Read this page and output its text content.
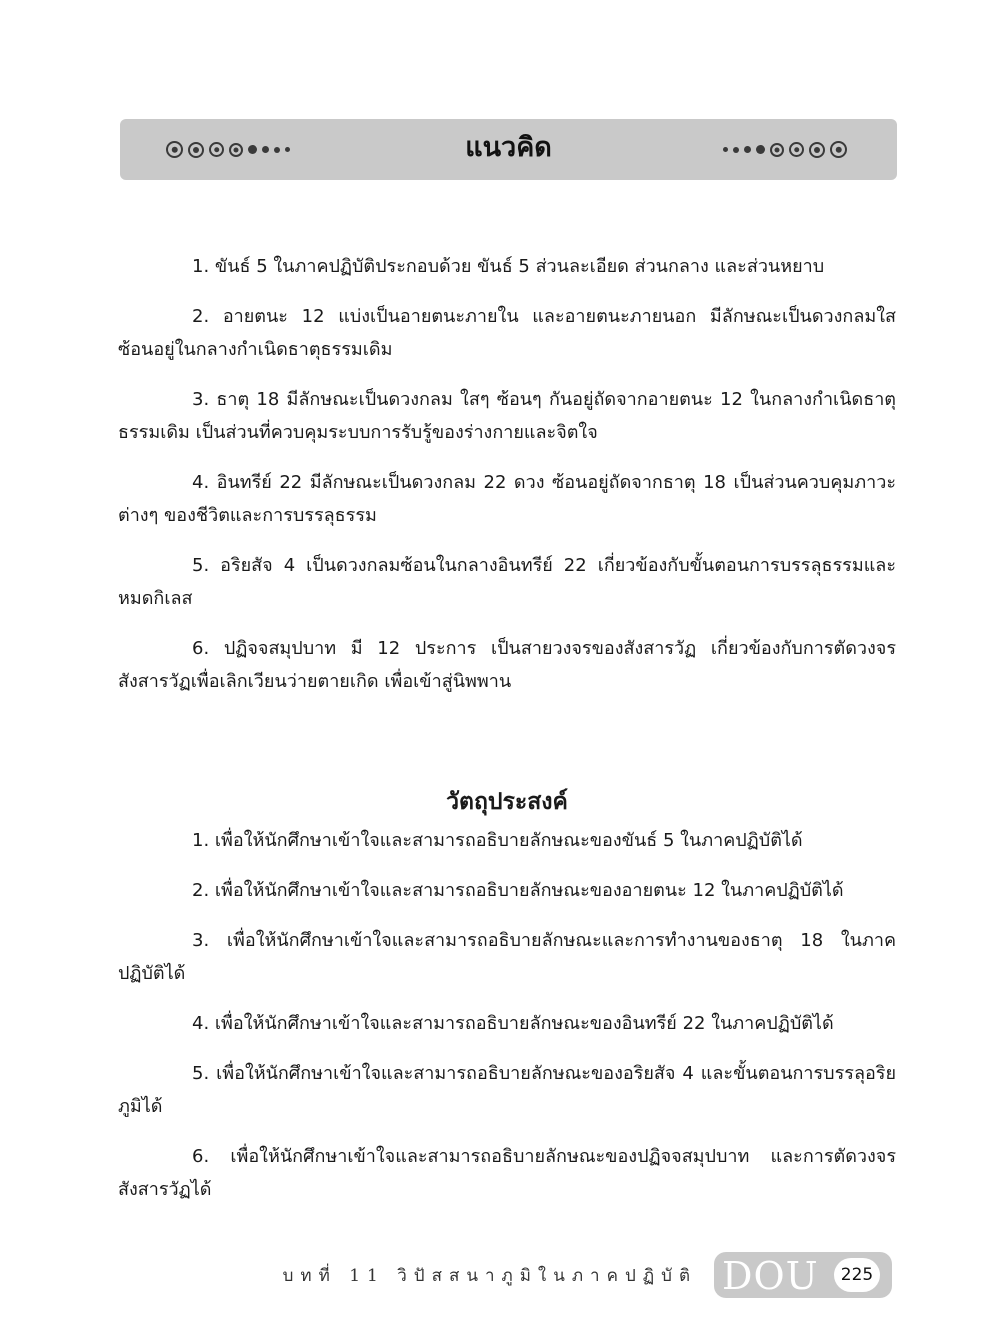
แนวคิด

1. ขันธ์ 5 ในภาคปฏิบัติประกอบด้วย ขันธ์ 5 ส่วนละเอียด ส่วนกลาง และส่วนหยาบ

2. อายตนะ 12 แบ่งเป็นอายตนะภายใน และอายตนะภายนอก มีลักษณะเป็นดวงกลมใส ซ้อนอยู่ในกลางกำเนิดธาตุธรรมเดิม

3. ธาตุ 18 มีลักษณะเป็นดวงกลม ใสๆ ซ้อนๆ กันอยู่ถัดจากอายตนะ 12 ในกลางกำเนิดธาตุธรรมเดิม เป็นส่วนที่ควบคุมระบบการรับรู้ของร่างกายและจิตใจ

4. อินทรีย์ 22 มีลักษณะเป็นดวงกลม 22 ดวง ซ้อนอยู่ถัดจากธาตุ 18 เป็นส่วนควบคุมภาวะต่างๆ ของชีวิตและการบรรลุธรรม

5. อริยสัจ 4 เป็นดวงกลมซ้อนในกลางอินทรีย์ 22 เกี่ยวข้องกับขั้นตอนการบรรลุธรรมและหมดกิเลส

6. ปฏิจจสมุปบาท มี 12 ประการ เป็นสายวงจรของสังสารวัฏ เกี่ยวข้องกับการตัดวงจรสังสารวัฏเพื่อเลิกเวียนว่ายตายเกิด เพื่อเข้าสู่นิพพาน

วัตถุประสงค์

1. เพื่อให้นักศึกษาเข้าใจและสามารถอธิบายลักษณะของขันธ์ 5 ในภาคปฏิบัติได้

2. เพื่อให้นักศึกษาเข้าใจและสามารถอธิบายลักษณะของอายตนะ 12 ในภาคปฏิบัติได้

3. เพื่อให้นักศึกษาเข้าใจและสามารถอธิบายลักษณะและการทำงานของธาตุ 18 ในภาคปฏิบัติได้

4. เพื่อให้นักศึกษาเข้าใจและสามารถอธิบายลักษณะของอินทรีย์ 22 ในภาคปฏิบัติได้

5. เพื่อให้นักศึกษาเข้าใจและสามารถอธิบายลักษณะของอริยสัจ 4 และขั้นตอนการบรรลุอริยภูมิได้

6. เพื่อให้นักศึกษาเข้าใจและสามารถอธิบายลักษณะของปฏิจจสมุปบาท และการตัดวงจร สังสารวัฏได้

บทที่ 11 วิปัสสนาภูมิในภาคปฏิบัติ DOU	225
